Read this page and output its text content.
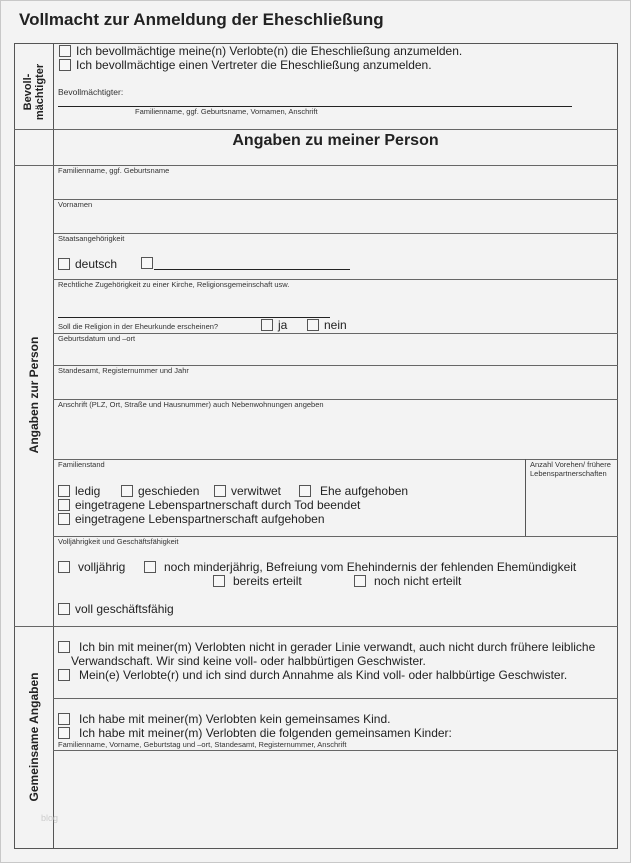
Vollmacht zur Anmeldung der Eheschließung
Bevoll-
mächtigter
Angaben zur Person
Gemeinsame Angaben
Ich bevollmächtige meine(n) Verlobte(n) die Eheschließung anzumelden.
Ich bevollmächtige einen Vertreter die Eheschließung anzumelden.
Bevollmächtigter:
Familienname, ggf. Geburtsname, Vornamen, Anschrift
Angaben zu meiner Person
Familienname, ggf. Geburtsname
Vornamen
Staatsangehörigkeit
deutsch
Rechtliche Zugehörigkeit zu einer Kirche, Religionsgemeinschaft usw.
Soll die Religion in der Eheurkunde erscheinen?	ja	nein
Geburtsdatum und –ort
Standesamt, Registernummer und Jahr
Anschrift (PLZ, Ort, Straße und Hausnummer) auch Nebenwohnungen angeben
Familienstand	Anzahl Vorehen/ frühere Lebenspartnerschaften
ledig	geschieden	verwitwet	Ehe aufgehoben
eingetragene Lebenspartnerschaft durch Tod beendet
eingetragene Lebenspartnerschaft aufgehoben
Volljährigkeit und Geschäftsfähigkeit
volljährig	noch minderjährig, Befreiung vom Ehehindernis der fehlenden Ehemündigkeit
bereits erteilt	noch nicht erteilt
voll geschäftsfähig
Ich bin mit meiner(m) Verlobten nicht in gerader Linie verwandt, auch nicht durch frühere leibliche
Verwandschaft. Wir sind keine voll- oder halbbürtigen Geschwister.
Mein(e) Verlobte(r) und ich sind durch Annahme als Kind voll- oder halbbürtige Geschwister.
Ich habe mit meiner(m) Verlobten kein gemeinsames Kind.
Ich habe mit meiner(m) Verlobten die folgenden gemeinsamen Kinder:
Familienname, Vorname, Geburtstag und –ort, Standesamt, Registernummer, Anschrift
blog
